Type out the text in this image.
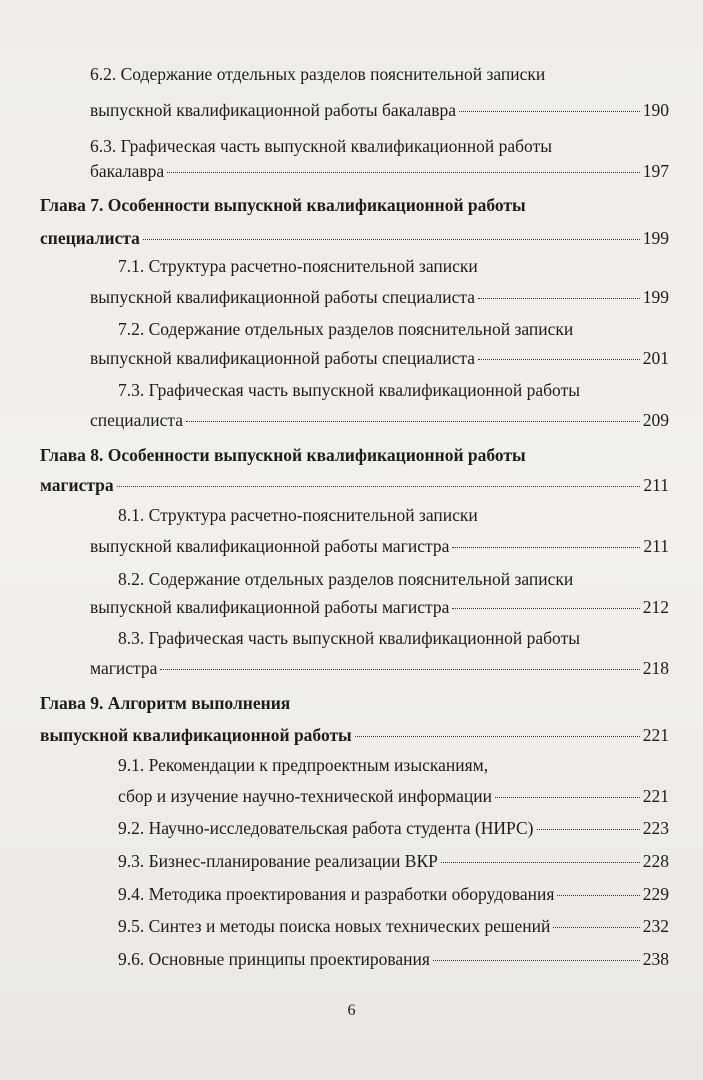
6.2. Содержание отдельных разделов пояснительной записки
выпускной квалификационной работы бакалавра	190
6.3. Графическая часть выпускной квалификационной работы
бакалавра	197
Глава 7. Особенности выпускной квалификационной работы
специалиста	199
7.1. Структура расчетно-пояснительной записки
выпускной квалификационной работы специалиста	199
7.2. Содержание отдельных разделов пояснительной записки
выпускной квалификационной работы специалиста	201
7.3. Графическая часть выпускной квалификационной работы
специалиста	209
Глава 8. Особенности выпускной квалификационной работы
магистра	211
8.1. Структура расчетно-пояснительной записки
выпускной квалификационной работы магистра	211
8.2. Содержание отдельных разделов пояснительной записки
выпускной квалификационной работы магистра	212
8.3. Графическая часть выпускной квалификационной работы
магистра	218
Глава 9. Алгоритм выполнения
выпускной квалификационной работы	221
9.1. Рекомендации к предпроектным изысканиям,
сбор и изучение научно-технической информации	221
9.2. Научно-исследовательская работа студента (НИРС)	223
9.3. Бизнес-планирование реализации ВКР	228
9.4. Методика проектирования и разработки оборудования	229
9.5. Синтез и методы поиска новых технических решений	232
9.6. Основные принципы проектирования	238
6
